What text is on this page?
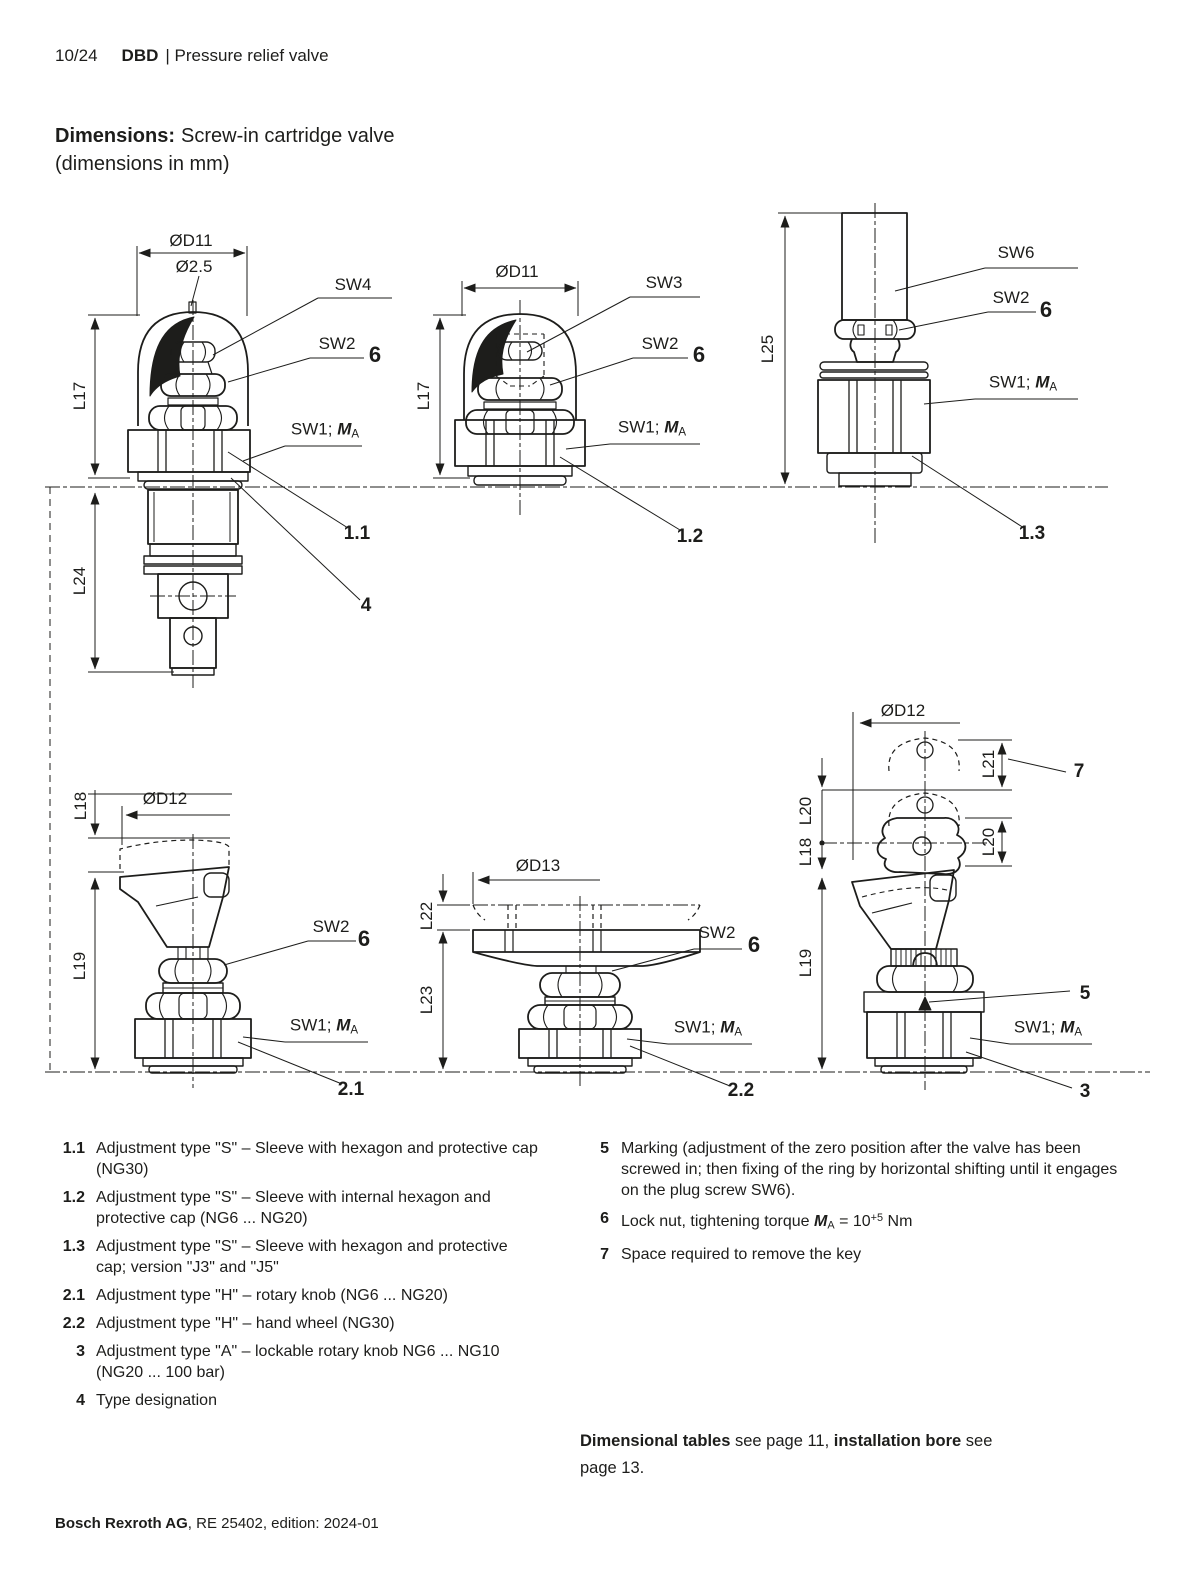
10/24 DBD | Pressure relief valve
Dimensions: Screw-in cartridge valve
(dimensions in mm)
ØD11
Ø2.5
SW4
SW2 6
L17
SW1; $M_A$
1.1
4
L24
ØD11
SW3
SW2 6
L17
SW1; $M_A$
1.2
SW6
SW2 6
L25
SW1; $M_A$
1.3
L18	ØD12
L19
SW2 6
SW1; $M_A$
2.1
ØD13
L22
L23
SW2 6
SW1; $M_A$
2.2
ØD12
L21	7
L20
L20
L18
L19
5
SW1; $M_A$
3
1.1 Adjustment type "S" – Sleeve with hexagon and protective cap (NG30)
1.2 Adjustment type "S" – Sleeve with internal hexagon and protective cap (NG6 ... NG20)
1.3 Adjustment type "S" – Sleeve with hexagon and protective cap; version "J3" and "J5"
2.1 Adjustment type "H" – rotary knob (NG6 ... NG20)
2.2 Adjustment type "H" – hand wheel (NG30)
3 Adjustment type "A" – lockable rotary knob NG6 ... NG10 (NG20 ... 100 bar)
4 Type designation
5 Marking (adjustment of the zero position after the valve has been screwed in; then fixing of the ring by horizontal shifting until it engages on the plug screw SW6).
6 Lock nut, tightening torque $M_A = 10^{+5}$ Nm
7 Space required to remove the key
Dimensional tables see page 11, installation bore see page 13.
Bosch Rexroth AG, RE 25402, edition: 2024-01
